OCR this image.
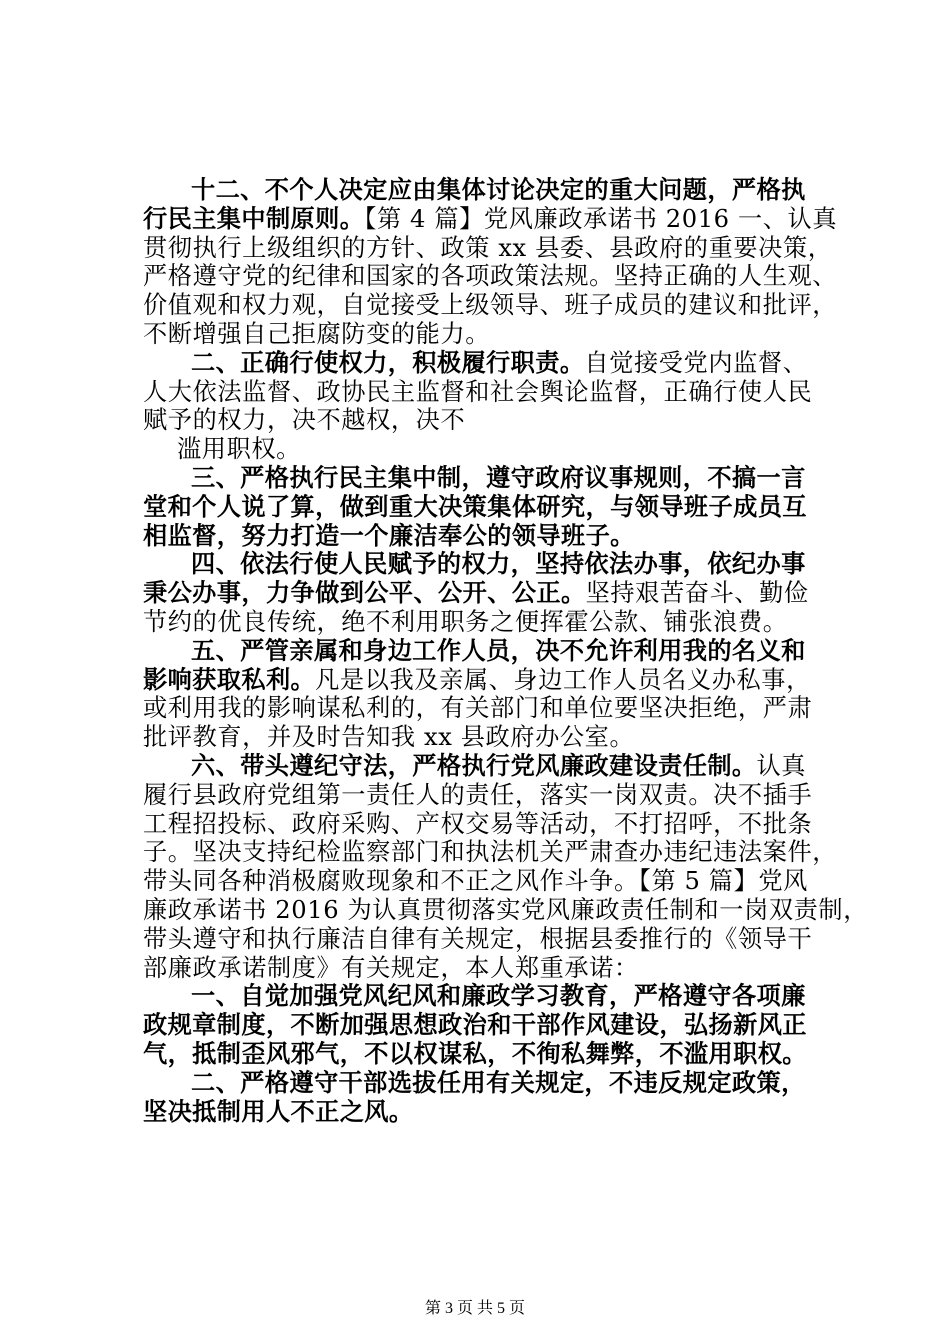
十二、不个人决定应由集体讨论决定的重大问题，严格执
行民主集中制原则。【第 4 篇】党风廉政承诺书 2016 一、认真
贯彻执行上级组织的方针、政策 xx 县委、县政府的重要决策，
严格遵守党的纪律和国家的各项政策法规。坚持正确的人生观、
价值观和权力观，自觉接受上级领导、班子成员的建议和批评，
不断增强自己拒腐防变的能力。
二、正确行使权力，积极履行职责。自觉接受党内监督、
人大依法监督、政协民主监督和社会舆论监督，正确行使人民
赋予的权力，决不越权，决不
滥用职权。
三、严格执行民主集中制，遵守政府议事规则，不搞一言
堂和个人说了算，做到重大决策集体研究，与领导班子成员互
相监督，努力打造一个廉洁奉公的领导班子。
四、依法行使人民赋予的权力，坚持依法办事，依纪办事
秉公办事，力争做到公平、公开、公正。坚持艰苦奋斗、勤俭
节约的优良传统，绝不利用职务之便挥霍公款、铺张浪费。
五、严管亲属和身边工作人员，决不允许利用我的名义和
影响获取私利。凡是以我及亲属、身边工作人员名义办私事，
或利用我的影响谋私利的，有关部门和单位要坚决拒绝，严肃
批评教育，并及时告知我 xx 县政府办公室。
六、带头遵纪守法，严格执行党风廉政建设责任制。认真
履行县政府党组第一责任人的责任，落实一岗双责。决不插手
工程招投标、政府采购、产权交易等活动，不打招呼，不批条
子。坚决支持纪检监察部门和执法机关严肃查办违纪违法案件，
带头同各种消极腐败现象和不正之风作斗争。【第 5 篇】党风
廉政承诺书 2016 为认真贯彻落实党风廉政责任制和一岗双责制，
带头遵守和执行廉洁自律有关规定，根据县委推行的《领导干
部廉政承诺制度》有关规定，本人郑重承诺：
一、自觉加强党风纪风和廉政学习教育，严格遵守各项廉
政规章制度，不断加强思想政治和干部作风建设，弘扬新风正
气，抵制歪风邪气，不以权谋私，不徇私舞弊，不滥用职权。
二、严格遵守干部选拔任用有关规定，不违反规定政策，
坚决抵制用人不正之风。
第 3 页 共 5 页
